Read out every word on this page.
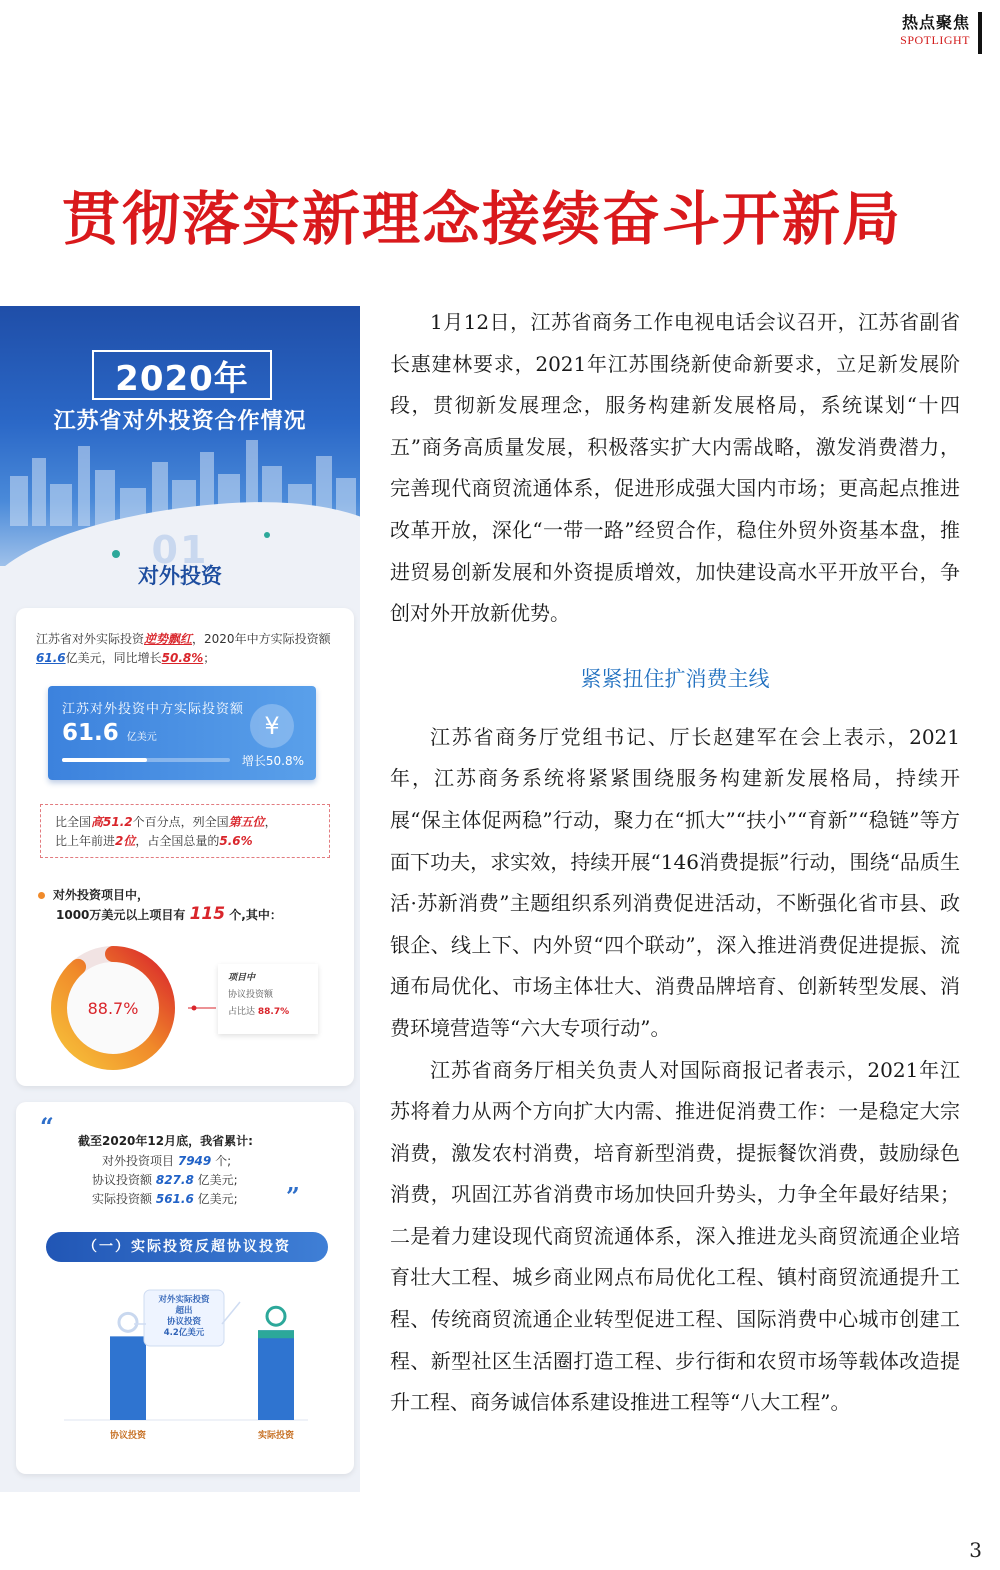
热点聚焦
SPOTLIGHT
贯彻落实新理念接续奋斗开新局
2020年
江苏省对外投资合作情况
01
对外投资
江苏省对外实际投资逆势飘红，2020年中方实际投资额61.6亿美元，同比增长50.8%；
江苏对外投资中方实际投资额
61.6 亿美元
增长50.8%
¥
比全国高51.2个百分点，列全国第五位，
比上年前进2位，占全国总量的5.6%
对外投资项目中，
1000万美元以上项目有 115 个,其中：
88.7%
项目中
协议投资额
占比达 88.7%
“
”
截至2020年12月底，我省累计:
对外投资项目 7949 个;
协议投资额 827.8 亿美元;
实际投资额 561.6 亿美元;
（一）实际投资反超协议投资
协议投资	实际投资
对外实际投资
超出
协议投资
4.2亿美元

1月12日，江苏省商务工作电视电话会议召开，江苏省副省长惠建林要求，2021年江苏围绕新使命新要求，立足新发展阶段，贯彻新发展理念，服务构建新发展格局，系统谋划“十四五”商务高质量发展，积极落实扩大内需战略，激发消费潜力，完善现代商贸流通体系，促进形成强大国内市场；更高起点推进改革开放，深化“一带一路”经贸合作，稳住外贸外资基本盘，推进贸易创新发展和外资提质增效，加快建设高水平开放平台，争创对外开放新优势。

紧紧扭住扩消费主线

江苏省商务厅党组书记、厅长赵建军在会上表示，2021年，江苏商务系统将紧紧围绕服务构建新发展格局，持续开展“保主体促两稳”行动，聚力在“抓大”“扶小”“育新”“稳链”等方面下功夫，求实效，持续开展“146消费提振”行动，围绕“品质生活·苏新消费”主题组织系列消费促进活动，不断强化省市县、政银企、线上下、内外贸“四个联动”，深入推进消费促进提振、流通布局优化、市场主体壮大、消费品牌培育、创新转型发展、消费环境营造等“六大专项行动”。

江苏省商务厅相关负责人对国际商报记者表示，2021年江苏将着力从两个方向扩大内需、推进促消费工作：一是稳定大宗消费，激发农村消费，培育新型消费，提振餐饮消费，鼓励绿色消费，巩固江苏省消费市场加快回升势头，力争全年最好结果；二是着力建设现代商贸流通体系，深入推进龙头商贸流通企业培育壮大工程、城乡商业网点布局优化工程、镇村商贸流通提升工程、传统商贸流通企业转型促进工程、国际消费中心城市创建工程、新型社区生活圈打造工程、步行街和农贸市场等载体改造提升工程、商务诚信体系建设推进工程等“八大工程”。

3
